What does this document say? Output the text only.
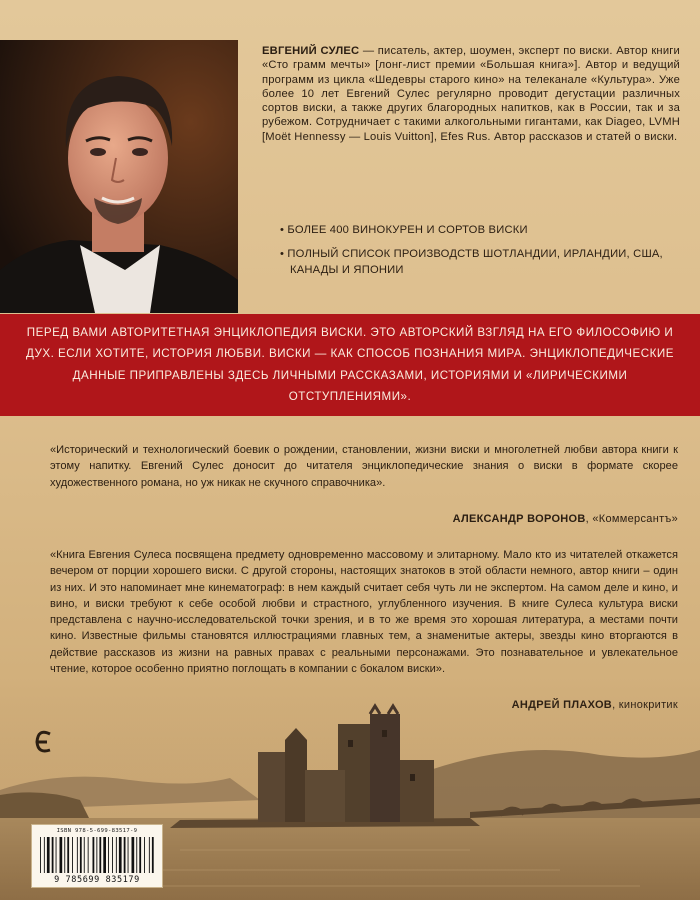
ЕВГЕНИЙ СУЛЕС — писатель, актер, шоумен, эксперт по виски. Автор книги «Сто грамм мечты» [лонг-лист премии «Большая книга»]. Автор и ведущий программ из цикла «Шедевры старого кино» на телеканале «Культура». Уже более 10 лет Евгений Сулес регулярно проводит дегустации различных сортов виски, а также других благородных напитков, как в России, так и за рубежом. Сотрудничает с такими алкогольными гигантами, как Diageo, LVMH [Moët Hennessy — Louis Vuitton], Efes Rus. Автор рассказов и статей о виски.
• БОЛЕЕ 400 ВИНОКУРЕН И СОРТОВ ВИСКИ
• ПОЛНЫЙ СПИСОК ПРОИЗВОДСТВ ШОТЛАНДИИ, ИРЛАНДИИ, США, КАНАДЫ И ЯПОНИИ
ПЕРЕД ВАМИ АВТОРИТЕТНАЯ ЭНЦИКЛОПЕДИЯ ВИСКИ. ЭТО АВТОРСКИЙ ВЗГЛЯД НА ЕГО ФИЛОСОФИЮ И ДУХ. ЕСЛИ ХОТИТЕ, ИСТОРИЯ ЛЮБВИ. ВИСКИ — КАК СПОСОБ ПОЗНАНИЯ МИРА. ЭНЦИКЛОПЕДИЧЕСКИЕ ДАННЫЕ ПРИПРАВЛЕНЫ ЗДЕСЬ ЛИЧНЫМИ РАССКАЗАМИ, ИСТОРИЯМИ И «ЛИРИЧЕСКИМИ ОТСТУПЛЕНИЯМИ».
«Исторический и технологический боевик о рождении, становлении, жизни виски и многолетней любви автора книги к этому напитку. Евгений Сулес доносит до читателя энциклопедические знания о виски в формате скорее художественного романа, но уж никак не скучного справочника».
АЛЕКСАНДР ВОРОНОВ, «Коммерсантъ»
«Книга Евгения Сулеса посвящена предмету одновременно массовому и элитарному. Мало кто из читателей откажется вечером от порции хорошего виски. С другой стороны, настоящих знатоков в этой области немного, автор книги – один из них. И это напоминает мне кинематограф: в нем каждый считает себя чуть ли не экспертом. На самом деле и кино, и вино, и виски требуют к себе особой любви и страстного, углубленного изучения. В книге Сулеса культура виски представлена с научно-исследовательской точки зрения, и в то же время это хорошая литература, а местами почти кино. Известные фильмы становятся иллюстрациями главных тем, а знаменитые актеры, звезды кино вторгаются в действие рассказов из жизни на равных правах с реальными персонажами. Это познавательное и увлекательное чтение, которое особенно приятно поглощать в компании с бокалом виски».
ISBN 978-5-699-83517-9
9 785699 835179
